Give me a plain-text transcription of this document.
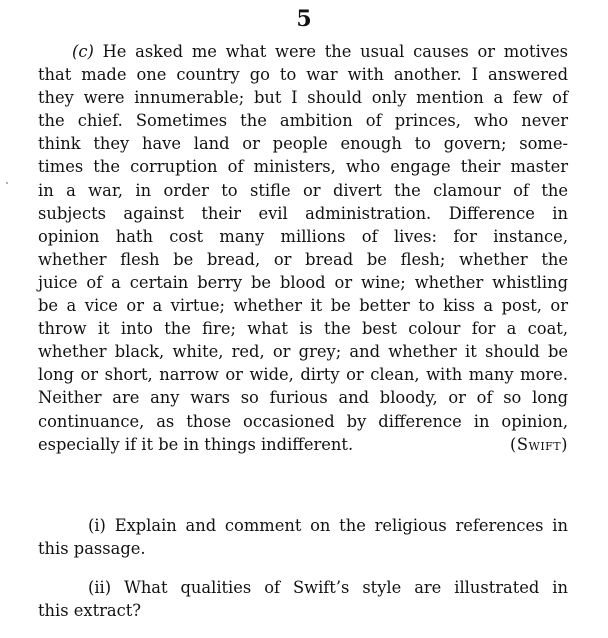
5
(c) He asked me what were the usual causes or motives
that made one country go to war with another. I answered
they were innumerable; but I should only mention a few of
the chief. Sometimes the ambition of princes, who never
think they have land or people enough to govern; some-
times the corruption of ministers, who engage their master
in a war, in order to stifle or divert the clamour of the
subjects against their evil administration. Difference in
opinion hath cost many millions of lives: for instance,
whether flesh be bread, or bread be flesh; whether the
juice of a certain berry be blood or wine; whether whistling
be a vice or a virtue; whether it be better to kiss a post, or
throw it into the fire; what is the best colour for a coat,
whether black, white, red, or grey; and whether it should be
long or short, narrow or wide, dirty or clean, with many more.
Neither are any wars so furious and bloody, or of so long
continuance, as those occasioned by difference in opinion,
especially if it be in things indifferent.	(Swift)
(i) Explain and comment on the religious references in
this passage.
(ii) What qualities of Swift’s style are illustrated in
this extract?
